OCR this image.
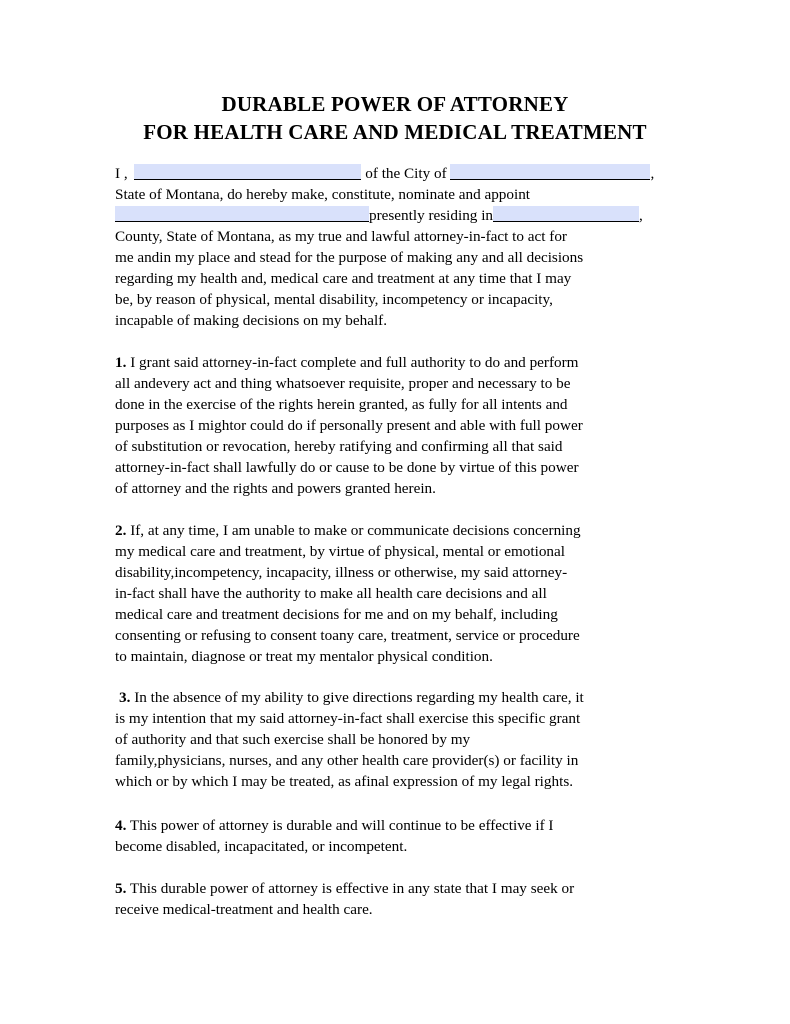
DURABLE POWER OF ATTORNEY
FOR HEALTH CARE AND MEDICAL TREATMENT
I ,	of the City of	,
State of Montana, do hereby make, constitute, nominate and appoint
presently residing in	,
County, State of Montana, as my true and lawful attorney-in-fact to act for
me andin my place and stead for the purpose of making any and all decisions
regarding my health and, medical care and treatment at any time that I may
be, by reason of physical, mental disability, incompetency or incapacity,
incapable of making decisions on my behalf.
1. I grant said attorney-in-fact complete and full authority to do and perform
all andevery act and thing whatsoever requisite, proper and necessary to be
done in the exercise of the rights herein granted, as fully for all intents and
purposes as I mightor could do if personally present and able with full power
of substitution or revocation, hereby ratifying and confirming all that said
attorney-in-fact shall lawfully do or cause to be done by virtue of this power
of attorney and the rights and powers granted herein.
2. If, at any time, I am unable to make or communicate decisions concerning
my medical care and treatment, by virtue of physical, mental or emotional
disability,incompetency, incapacity, illness or otherwise, my said attorney-
in-fact shall have the authority to make all health care decisions and all
medical care and treatment decisions for me and on my behalf, including
consenting or refusing to consent toany care, treatment, service or procedure
to maintain, diagnose or treat my mentalor physical condition.
3. In the absence of my ability to give directions regarding my health care, it
is my intention that my said attorney-in-fact shall exercise this specific grant
of authority and that such exercise shall be honored by my
family,physicians, nurses, and any other health care provider(s) or facility in
which or by which I may be treated, as afinal expression of my legal rights.
4. This power of attorney is durable and will continue to be effective if I
become disabled, incapacitated, or incompetent.
5. This durable power of attorney is effective in any state that I may seek or
receive medical-treatment and health care.
